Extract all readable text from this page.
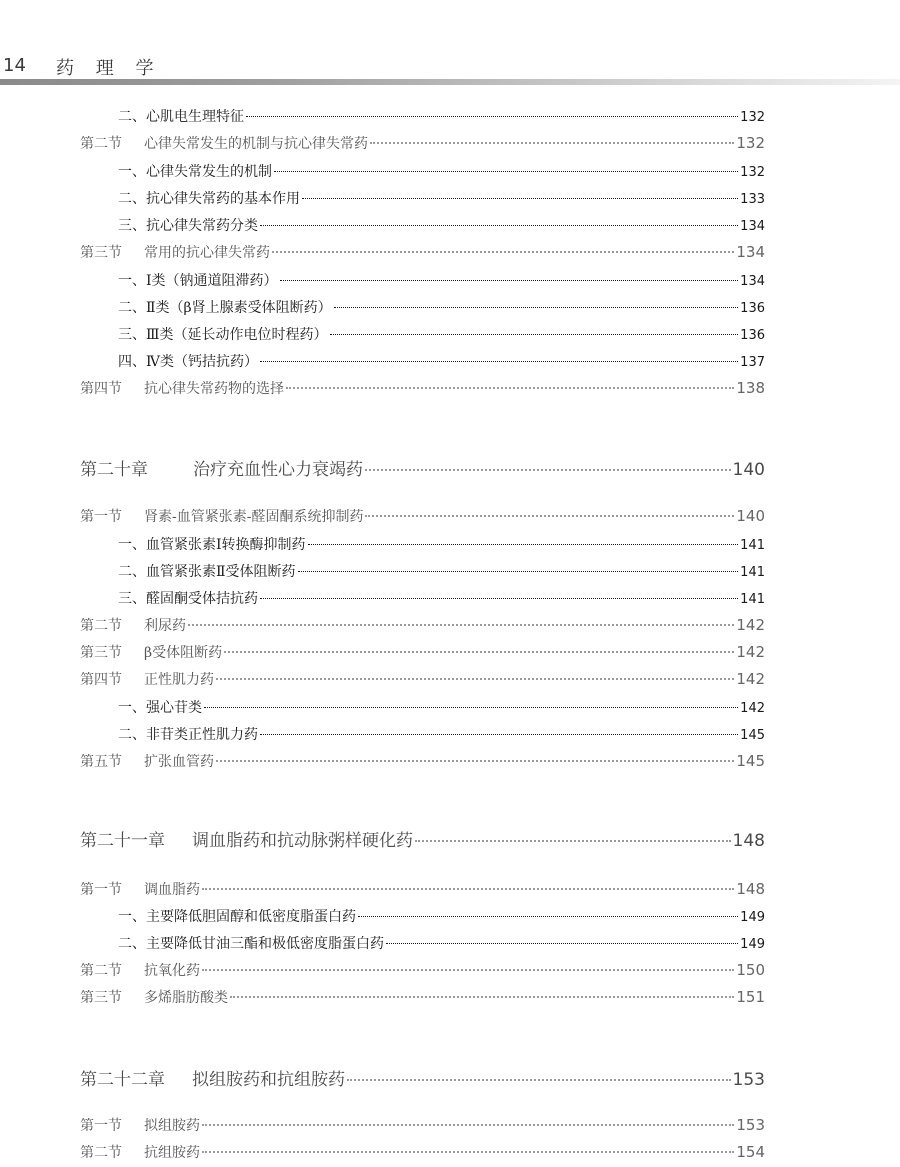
14 药 理 学
二、心肌电生理特征	132
第二节 心律失常发生的机制与抗心律失常药	132
一、心律失常发生的机制	132
二、抗心律失常药的基本作用	133
三、抗心律失常药分类	134
第三节 常用的抗心律失常药	134
一、Ⅰ类（钠通道阻滞药）	134
二、Ⅱ类（β肾上腺素受体阻断药）	136
三、Ⅲ类（延长动作电位时程药）	136
四、Ⅳ类（钙拮抗药）	137
第四节 抗心律失常药物的选择	138
第二十章	治疗充血性心力衰竭药	140
第一节 肾素-血管紧张素-醛固酮系统抑制药	140
一、血管紧张素Ⅰ转换酶抑制药	141
二、血管紧张素Ⅱ受体阻断药	141
三、醛固酮受体拮抗药	141
第二节 利尿药	142
第三节 β受体阻断药	142
第四节 正性肌力药	142
一、强心苷类	142
二、非苷类正性肌力药	145
第五节 扩张血管药	145
第二十一章 调血脂药和抗动脉粥样硬化药	148
第一节 调血脂药	148
一、主要降低胆固醇和低密度脂蛋白药	149
二、主要降低甘油三酯和极低密度脂蛋白药	149
第二节 抗氧化药	150
第三节 多烯脂肪酸类	151
第二十二章 拟组胺药和抗组胺药	153
第一节 拟组胺药	153
第二节 抗组胺药	154
